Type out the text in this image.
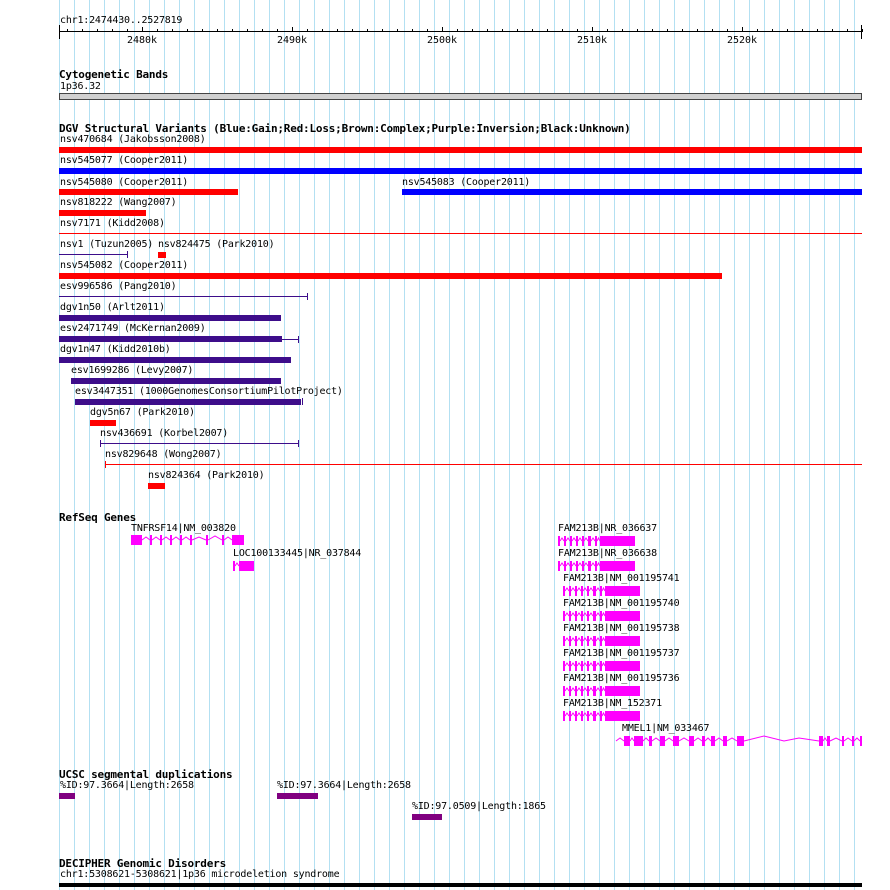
chr1:2474430..2527819
2480k	2490k	2500k	2510k	2520k
Cytogenetic Bands
1p36.32
DGV Structural Variants (Blue:Gain;Red:Loss;Brown:Complex;Purple:Inversion;Black:Unknown)
nsv470684 (Jakobsson2008)
nsv545077 (Cooper2011)
nsv545080 (Cooper2011)	nsv545083 (Cooper2011)
nsv818222 (Wang2007)
nsv7171 (Kidd2008)
nsv1 (Tuzun2005) nsv824475 (Park2010)
nsv545082 (Cooper2011)
esv996586 (Pang2010)
dgv1n50 (Arlt2011)
esv2471749 (McKernan2009)
dgv1n47 (Kidd2010b)
esv1699286 (Levy2007)
esv3447351 (1000GenomesConsortiumPilotProject)
dgv5n67 (Park2010)
nsv436691 (Korbel2007)
nsv829648 (Wong2007)
nsv824364 (Park2010)
RefSeq Genes
TNFRSF14|NM_003820
LOC100133445|NR_037844
FAM213B|NR_036637
FAM213B|NR_036638
FAM213B|NM_001195741
FAM213B|NM_001195740
FAM213B|NM_001195738
FAM213B|NM_001195737
FAM213B|NM_001195736
FAM213B|NM_152371
MMEL1|NM_033467
UCSC segmental duplications
%ID:97.3664|Length:2658	%ID:97.3664|Length:2658
%ID:97.0509|Length:1865
DECIPHER Genomic Disorders
chr1:5308621-5308621|1p36 microdeletion syndrome
